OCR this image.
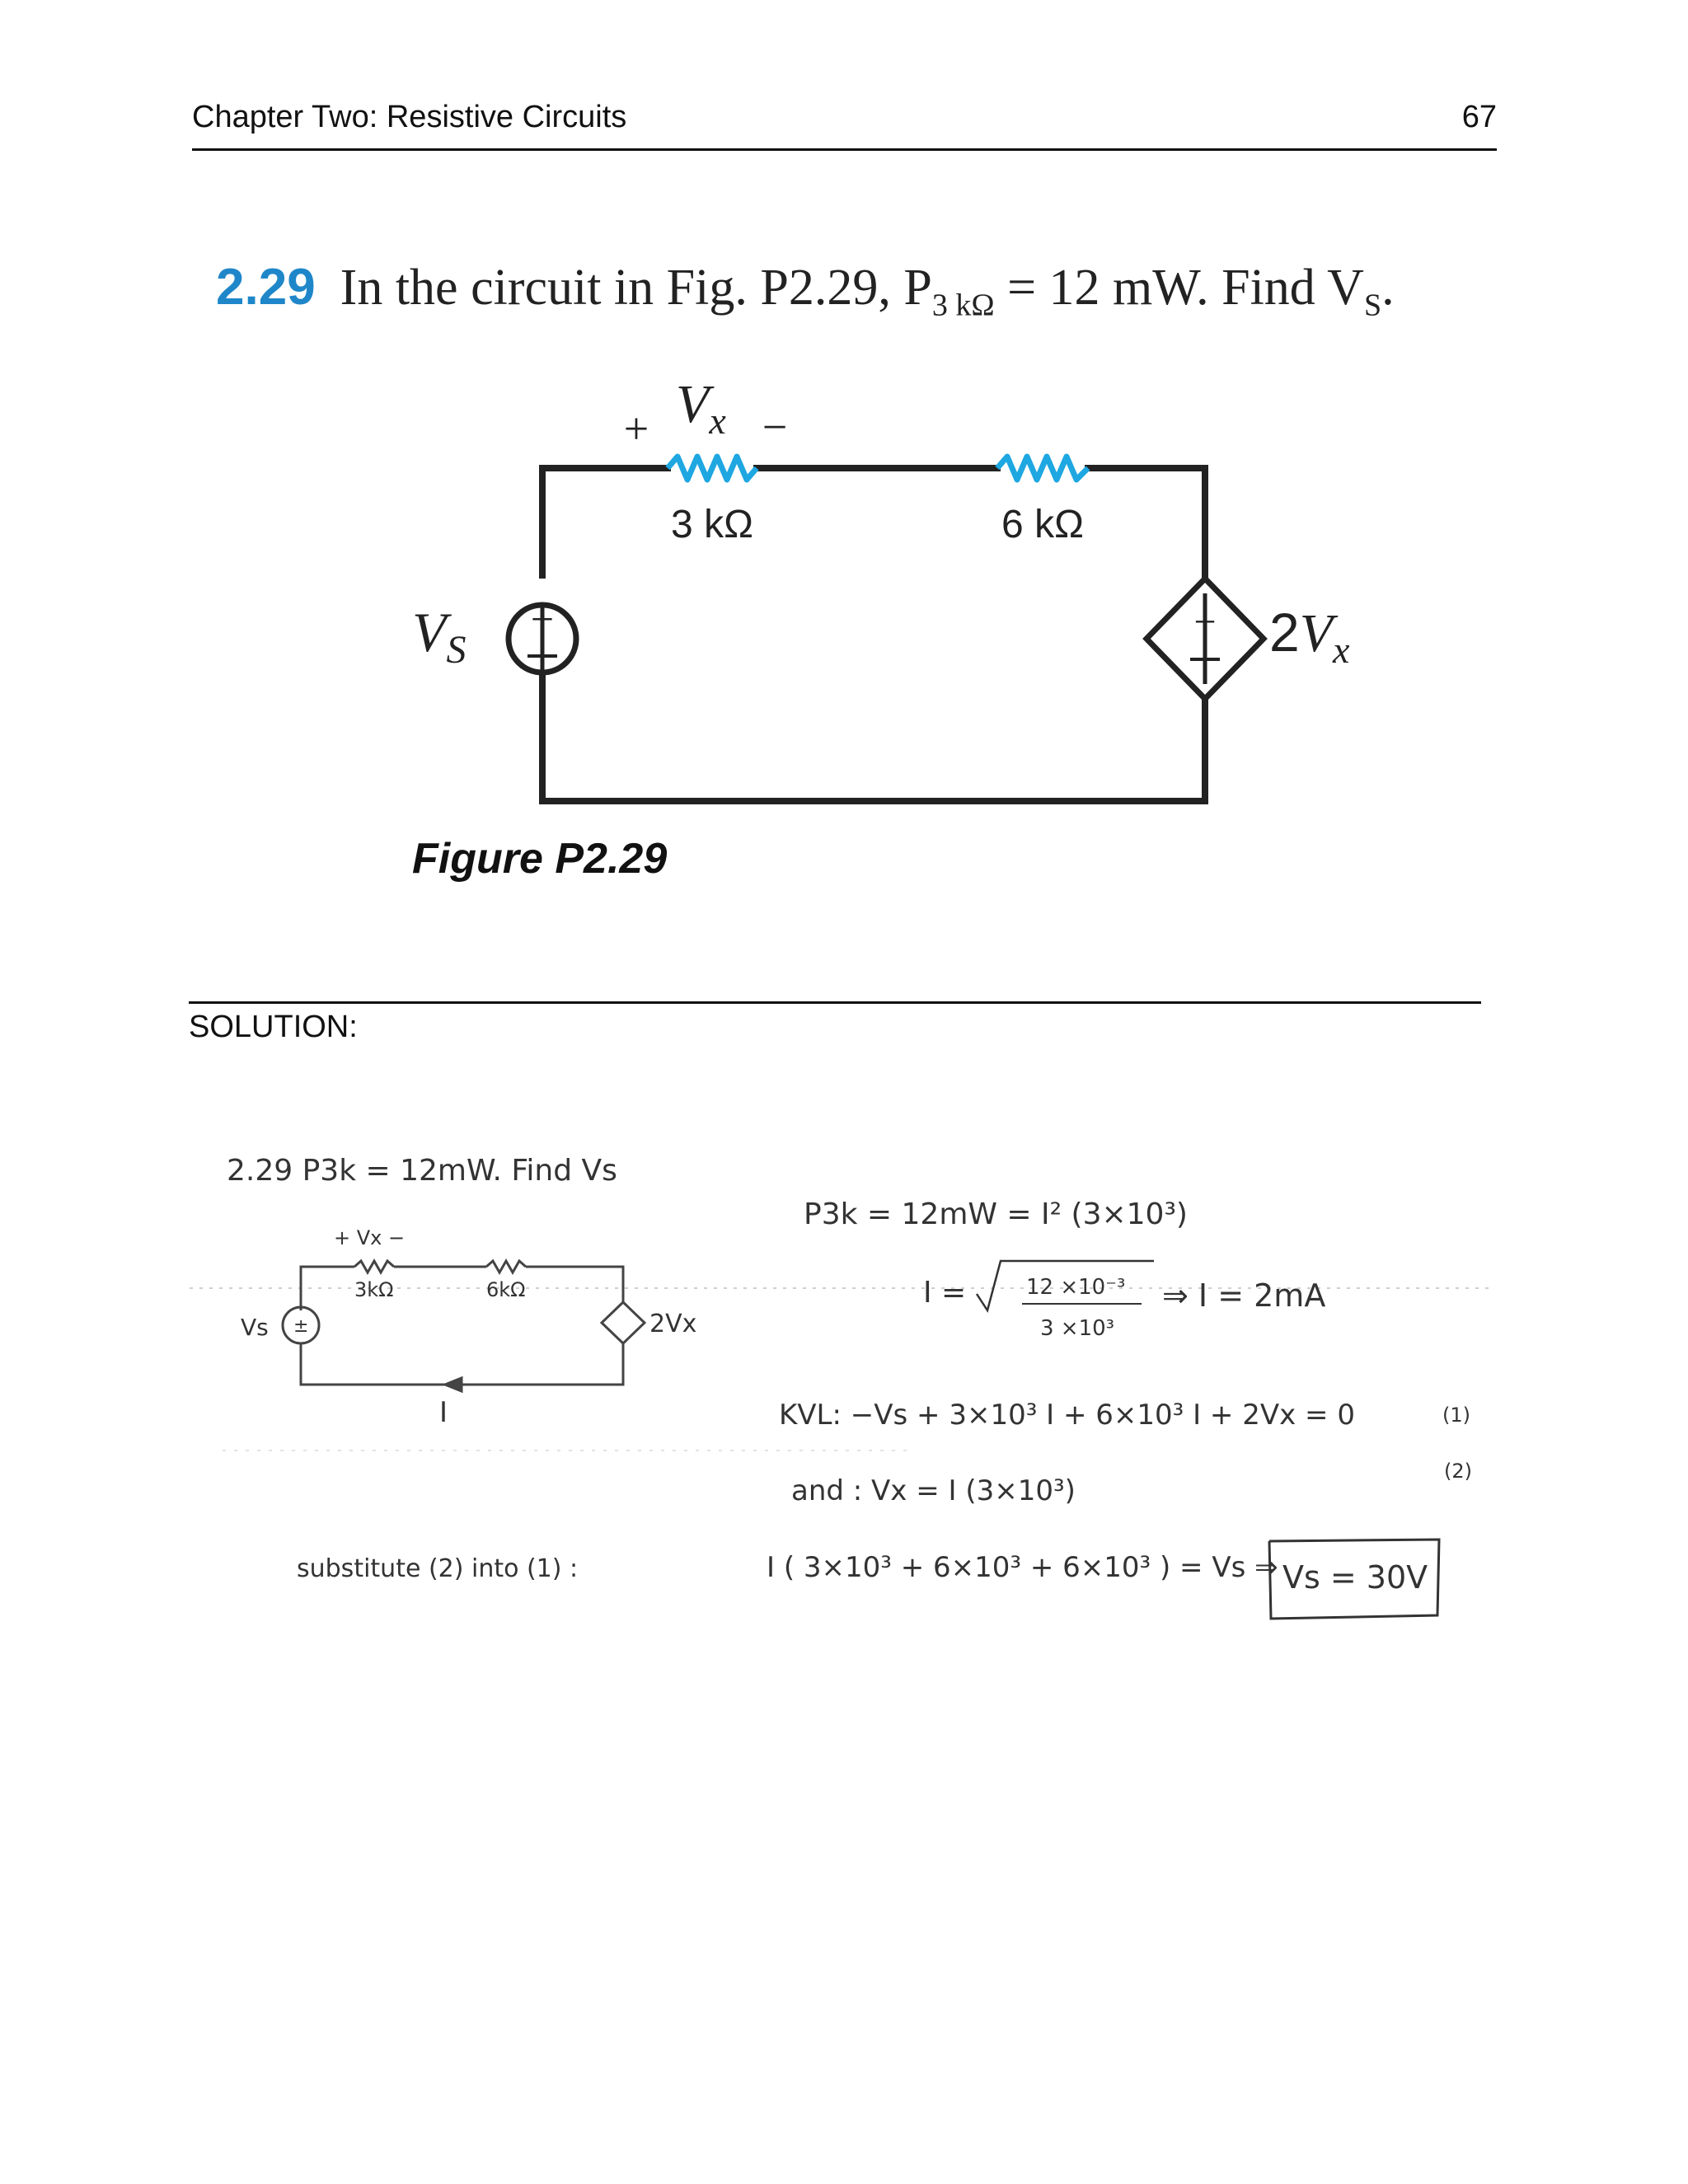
Chapter Two: Resistive Circuits	67
2.29 In the circuit in Fig. P2.29, $P_{3 k\Omega} = 12$ mW. Find $V_S$.
+	+
+ $V_x$ −
3 kΩ	6 kΩ
$V_S$	$2V_x$
Figure P2.29
SOLUTION:
2.29 P3k = 12mW. Find Vs
+ Vx −
3kΩ	6kΩ
Vs	2Vx
I
±
P3k = 12mW = I² (3×10³)
I =	12 ×10⁻³
3 ×10³
⇒ I = 2mA
KVL: −Vs + 3×10³ I + 6×10³ I + 2Vx = 0	(1)
and : Vx = I (3×10³)
(2)
substitute (2) into (1) :	I ( 3×10³ + 6×10³ + 6×10³ ) = Vs ⇒ Vs = 30V
